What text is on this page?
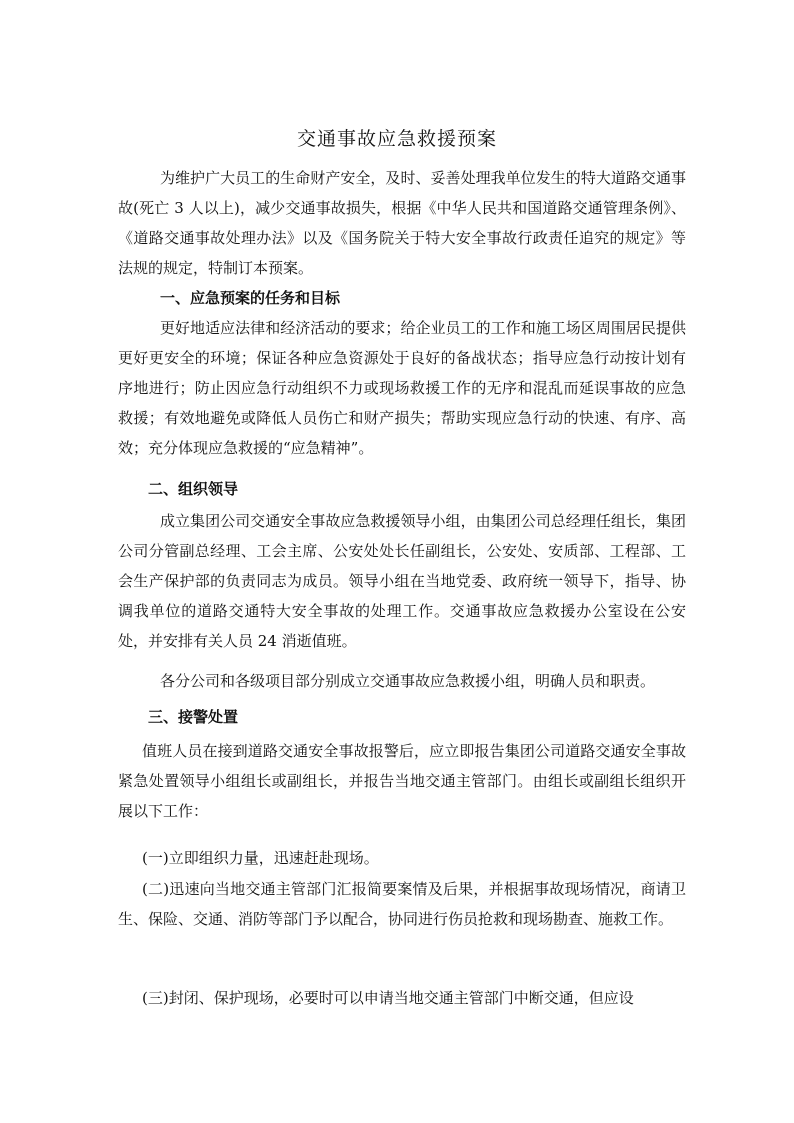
交通事故应急救援预案

为维护广大员工的生命财产安全，及时、妥善处理我单位发生的特大道路交通事故(死亡 3 人以上)，减少交通事故损失，根据《中华人民共和国道路交通管理条例》、《道路交通事故处理办法》以及《国务院关于特大安全事故行政责任追究的规定》等法规的规定，特制订本预案。

一、应急预案的任务和目标

更好地适应法律和经济活动的要求；给企业员工的工作和施工场区周围居民提供更好更安全的环境；保证各种应急资源处于良好的备战状态；指导应急行动按计划有序地进行；防止因应急行动组织不力或现场救援工作的无序和混乱而延误事故的应急救援；有效地避免或降低人员伤亡和财产损失；帮助实现应急行动的快速、有序、高效；充分体现应急救援的“应急精神”。

二、组织领导

成立集团公司交通安全事故应急救援领导小组，由集团公司总经理任组长，集团公司分管副总经理、工会主席、公安处处长任副组长，公安处、安质部、工程部、工会生产保护部的负责同志为成员。领导小组在当地党委、政府统一领导下，指导、协调我单位的道路交通特大安全事故的处理工作。交通事故应急救援办公室设在公安处，并安排有关人员 24 消逝值班。

各分公司和各级项目部分别成立交通事故应急救援小组，明确人员和职责。

三、接警处置

值班人员在接到道路交通安全事故报警后，应立即报告集团公司道路交通安全事故紧急处置领导小组组长或副组长，并报告当地交通主管部门。由组长或副组长组织开展以下工作：

(一)立即组织力量，迅速赶赴现场。

(二)迅速向当地交通主管部门汇报简要案情及后果，并根据事故现场情况，商请卫生、保险、交通、消防等部门予以配合，协同进行伤员抢救和现场勘查、施救工作。

(三)封闭、保护现场，必要时可以申请当地交通主管部门中断交通，但应设
